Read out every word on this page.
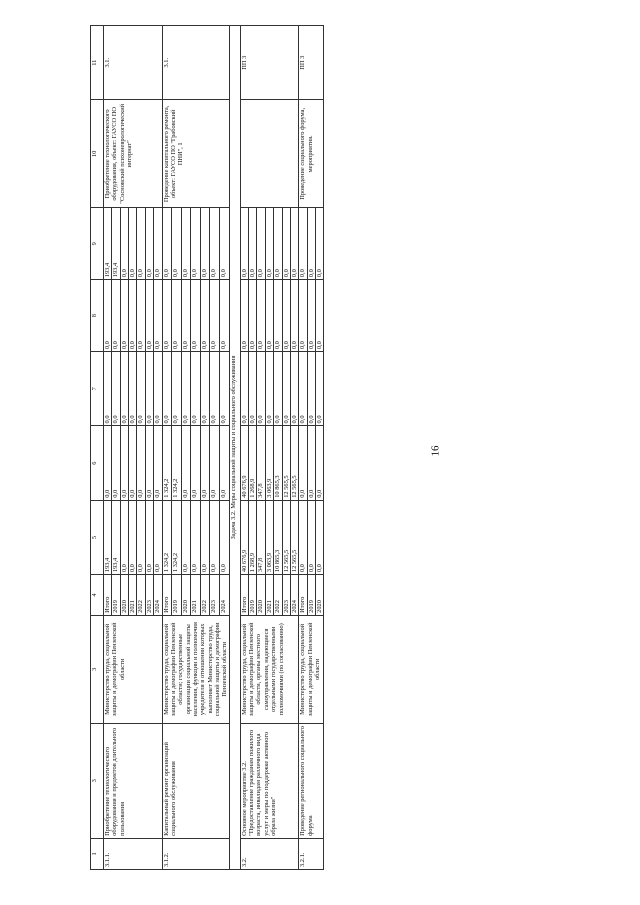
16
1	3	3	4	5	6	7	8	9	10	11
3.1.1.	Приобретение технологического оборудования и предметов длительного пользования	Министерство труда, социальной защиты и демографии Пензенской области	Итого	193,4	0,0	0,0	0,0	193,4	Приобретение технологического оборудования, объект: ГАУСО ПО "Сосновский психоневрологический интернат"	3.1.
			2019	193,4	0,0	0,0	0,0	193,4		
			2020	0,0	0,0	0,0	0,0	0,0		
			2021	0,0	0,0	0,0	0,0	0,0		
			2022	0,0	0,0	0,0	0,0	0,0		
			2023	0,0	0,0	0,0	0,0	0,0		
			2024	0,0	0,0	0,0	0,0	0,0		
3.1.2.	Капитальный ремонт организаций социального обслуживания	Министерство труда, социальной защиты и демографии Пензенской области; государственные организации социальной защиты населения, функции и полномочия учредителя в отношении которых выполняет Министерство труда, социальной защиты и демографии Пензенской области	Итого	1 324,2	1 324,2	0,0	0,0	0,0	Проведение капитального ремонта, объект: ГАУСО ПО "Грабовский ПНИ", 1	3.1.
			2019	1 324,2	1 324,2	0,0	0,0	0,0		
			2020	0,0	0,0	0,0	0,0	0,0		
			2021	0,0	0,0	0,0	0,0	0,0		
			2022	0,0	0,0	0,0	0,0	0,0		
			2023	0,0	0,0	0,0	0,0	0,0		
			2024	0,0	0,0	0,0	0,0	0,0		
Задача 3.2. Меры социальной защиты и социального обслуживания										
3.2.	Основное мероприятие 3.2. "Предоставление гражданам пожилого возраста, инвалидам различного вида услуг и меры по поддержке активного образа жизни"	Министерство труда, социальной защиты и демографии Пензенской области, органы местного самоуправления, надеющиеся отдельными государственными полномочиями (по согласованию)	Итого	40 676,9	40 676,9	0,0	0,0	0,0		ПП 3
			2019	1 268,9	1 268,9	0,0	0,0	0,0		
			2020	347,8	347,8	0,0	0,0	0,0		
			2021	3 063,9	3 063,9	0,0	0,0	0,0		
			2022	10 865,3	10 865,3	0,0	0,0	0,0		
			2023	12 565,5	12 565,5	0,0	0,0	0,0		
			2024	12 565,5	12 565,5	0,0	0,0	0,0		
3.2.1.	Проведение регионального социального форума	Министерство труда, социальной защиты и демографии Пензенской области	Итого	0,0	0,0	0,0	0,0	0,0	Проведение социального форума, мероприятия.	ПП 3
			2019	0,0	0,0	0,0	0,0	0,0		
			2020	0,0	0,0	0,0	0,0	0,0		
